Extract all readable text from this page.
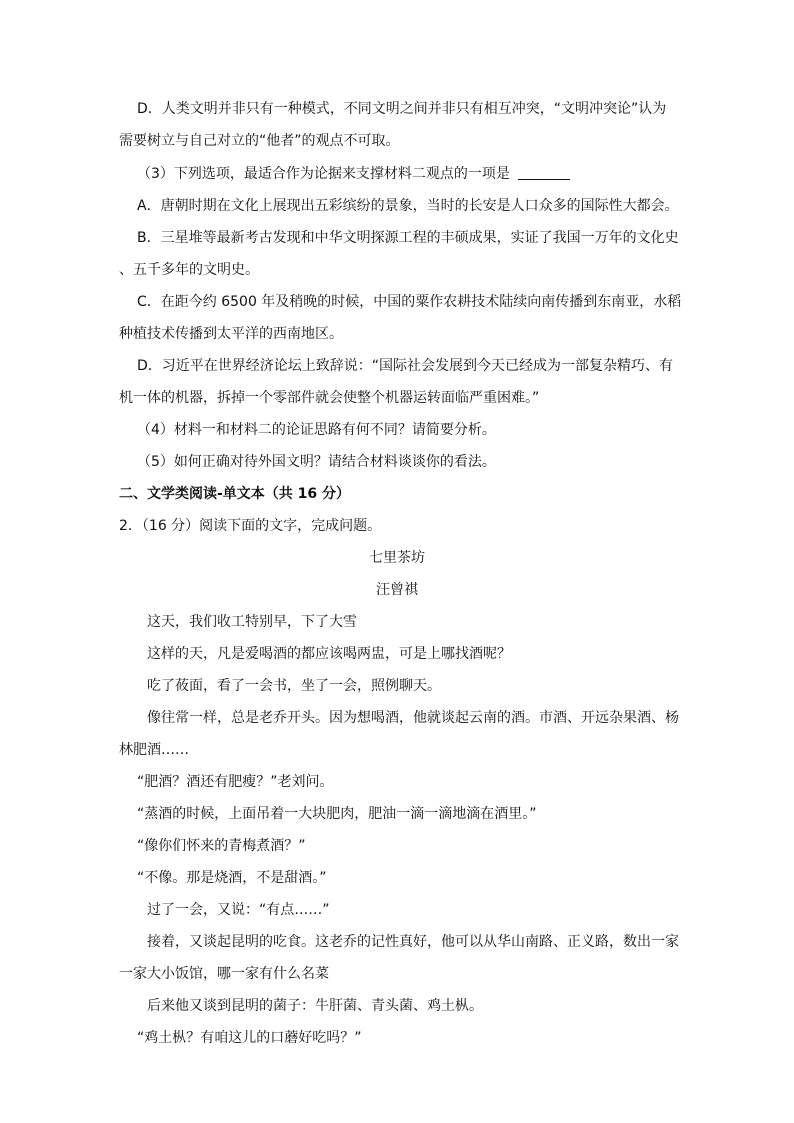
D．人类文明并非只有一种模式，不同文明之间并非只有相互冲突，“文明冲突论”认为
需要树立与自己对立的“他者”的观点不可取。
（3）下列选项，最适合作为论据来支撑材料二观点的一项是
A．唐朝时期在文化上展现出五彩缤纷的景象，当时的长安是人口众多的国际性大都会。
B．三星堆等最新考古发现和中华文明探源工程的丰硕成果，实证了我国一万年的文化史
、五千多年的文明史。
C．在距今约 6500 年及稍晚的时候，中国的粟作农耕技术陆续向南传播到东南亚，水稻
种植技术传播到太平洋的西南地区。
D．习近平在世界经济论坛上致辞说：“国际社会发展到今天已经成为一部复杂精巧、有
机一体的机器，拆掉一个零部件就会使整个机器运转面临严重困难。”
（4）材料一和材料二的论证思路有何不同？请简要分析。
（5）如何正确对待外国文明？请结合材料谈谈你的看法。
二、文学类阅读-单文本（共 16 分）
2．（16 分）阅读下面的文字，完成问题。
七里茶坊
汪曾祺
这天，我们收工特别早，下了大雪
这样的天，凡是爱喝酒的都应该喝两盅，可是上哪找酒呢？
吃了莜面，看了一会书，坐了一会，照例聊天。
像往常一样，总是老乔开头。因为想喝酒，他就谈起云南的酒。市酒、开远杂果酒、杨
林肥酒……
“肥酒？酒还有肥瘦？”老刘问。
“蒸酒的时候，上面吊着一大块肥肉，肥油一滴一滴地滴在酒里。”
“像你们怀来的青梅煮酒？”
“不像。那是烧酒，不是甜酒。”
过了一会，又说：“有点……”
接着，又谈起昆明的吃食。这老乔的记性真好，他可以从华山南路、正义路，数出一家
一家大小饭馆，哪一家有什么名菜
后来他又谈到昆明的菌子：牛肝菌、青头菌、鸡土枞。
“鸡土枞？有咱这儿的口蘑好吃吗？”
